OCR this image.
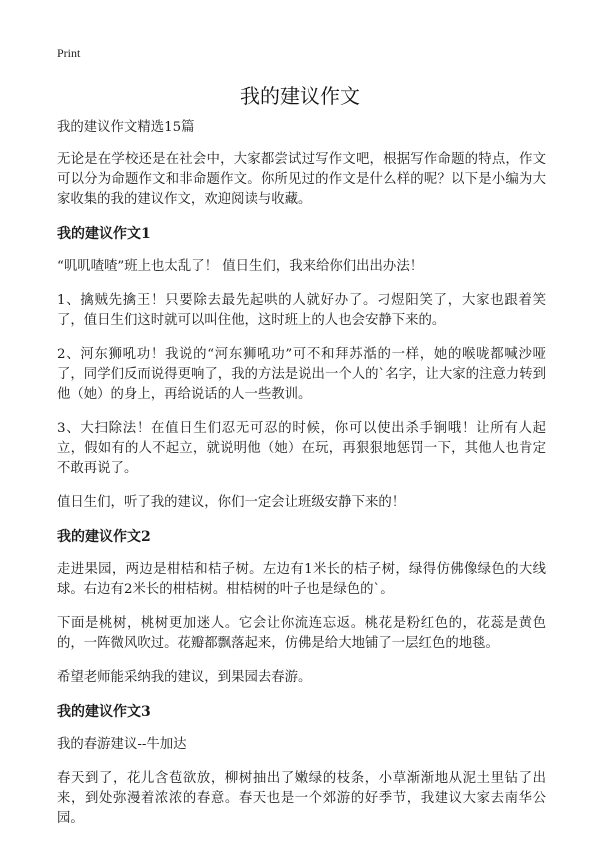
Print
我的建议作文

我的建议作文精选15篇

无论是在学校还是在社会中，大家都尝试过写作文吧，根据写作命题的特点，作文可以分为命题作文和非命题作文。你所见过的作文是什么样的呢？以下是小编为大家收集的我的建议作文，欢迎阅读与收藏。

我的建议作文1

“叽叽喳喳”班上也太乱了！ 值日生们，我来给你们出出办法！

1、擒贼先擒王！只要除去最先起哄的人就好办了。刁煜阳笑了，大家也跟着笑了，值日生们这时就可以叫住他，这时班上的人也会安静下来的。

2、河东狮吼功！我说的“河东狮吼功”可不和拜苏湉的一样，她的喉咙都喊沙哑了，同学们反而说得更响了，我的方法是说出一个人的`名字，让大家的注意力转到他（她）的身上，再给说话的人一些教训。

3、大扫除法！在值日生们忍无可忍的时候，你可以使出杀手锏哦！让所有人起立，假如有的人不起立，就说明他（她）在玩，再狠狠地惩罚一下，其他人也肯定不敢再说了。

值日生们，听了我的建议，你们一定会让班级安静下来的！

我的建议作文2

走进果园，两边是柑桔和桔子树。左边有1米长的桔子树，绿得仿佛像绿色的大线球。右边有2米长的柑桔树。柑桔树的叶子也是绿色的`。

下面是桃树，桃树更加迷人。它会让你流连忘返。桃花是粉红色的，花蕊是黄色的，一阵微风吹过。花瓣都飘落起来，仿佛是给大地铺了一层红色的地毯。

希望老师能采纳我的建议，到果园去春游。

我的建议作文3

我的春游建议--牛加达

春天到了，花儿含苞欲放，柳树抽出了嫩绿的枝条，小草渐渐地从泥土里钻了出来，到处弥漫着浓浓的春意。春天也是一个郊游的好季节，我建议大家去南华公园。
